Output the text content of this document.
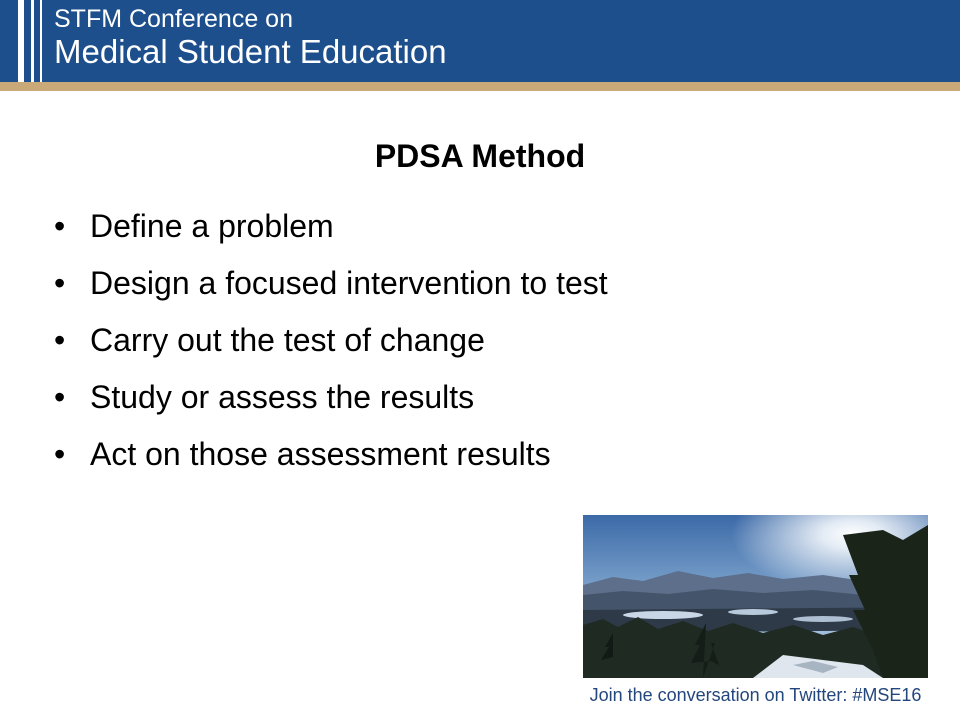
STFM Conference on
Medical Student Education
PDSA Method
• Define a problem
• Design a focused intervention to test
• Carry out the test of change
• Study or assess the results
• Act on those assessment results
Join the conversation on Twitter: #MSE16
